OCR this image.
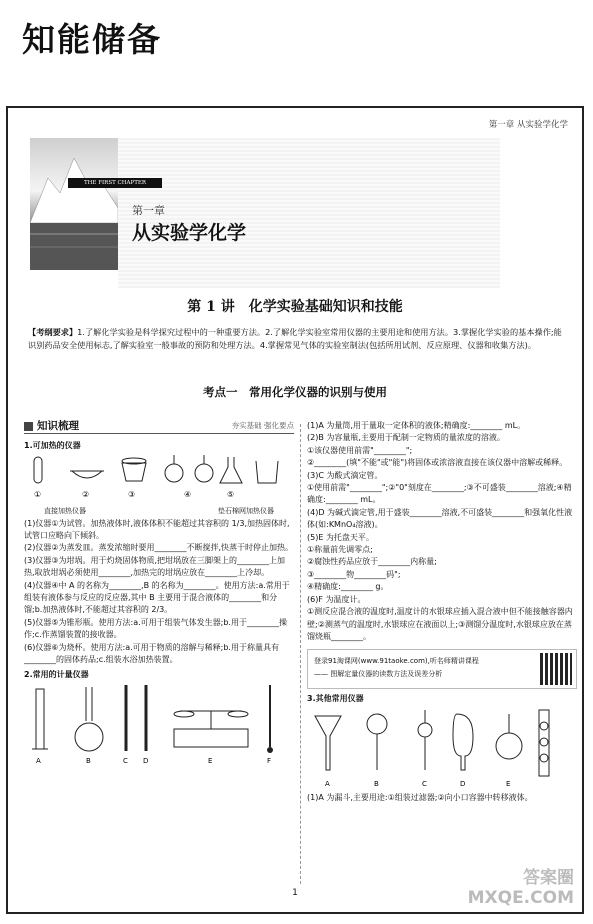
知能储备
第一章 从实验学化学
THE FIRST CHAPTER
第一章
从实验学化学
第 1 讲　化学实验基础知识和技能
【考纲要求】1.了解化学实验是科学探究过程中的一种重要方法。2.了解化学实验室常用仪器的主要用途和使用方法。3.掌握化学实验的基本操作;能识别药品安全使用标志,了解实验室一般事故的预防和处理方法。4.掌握常见气体的实验室制法(包括所用试剂、反应原理、仪器和收集方法)。
考点一　常用化学仪器的识别与使用
知识梳理	夯实基础 强化要点
1.可加热的仪器
①	②	③	④	⑤
直接加热仪器	垫石棉网加热仪器

(1)仪器①为试管。加热液体时,液体体积不能超过其容积的 1/3,加热固体时,试管口应略向下倾斜。

(2)仪器②为蒸发皿。蒸发浓缩时要用________不断搅拌,快蒸干时停止加热。

(3)仪器③为坩埚。用于灼烧固体物质,把坩埚放在三脚架上的________上加热,取放坩埚必须使用________,加热完的坩埚应放在________上冷却。

(4)仪器④中 A 的名称为________,B 的名称为________。使用方法:a.常用于组装有液体参与反应的反应器,其中 B 主要用于混合液体的________和分馏;b.加热液体时,不能超过其容积的 2/3。

(5)仪器⑤为锥形瓶。使用方法:a.可用于组装气体发生器;b.用于________操作;c.作蒸馏装置的接收器。

(6)仪器⑥为烧杯。使用方法:a.可用于物质的溶解与稀释;b.用于称量具有________的固体药品;c.组装水浴加热装置。

2.常用的计量仪器
A	B	C D	E	F

(1)A 为量筒,用于量取一定体积的液体;精确度:________ mL。

(2)B 为容量瓶,主要用于配制一定物质的量浓度的溶液。

①该仪器使用前需"________";

②________(填"不能"或"能")将固体或浓溶液直接在该仪器中溶解或稀释。

(3)C 为酸式滴定管。

①使用前需"________";②"0"刻度在________;③不可盛装________溶液;④精确度:________ mL。

(4)D 为碱式滴定管,用于盛装________溶液,不可盛装________和强氧化性液体(如:KMnO₄溶液)。

(5)E 为托盘天平。

①称量前先调零点;

②腐蚀性药品应放于________内称量;

③________物________码";

④精确度:________ g。

(6)F 为温度计。

①测反应混合液的温度时,温度计的水银球应插入混合液中但不能接触容器内壁;②测蒸气的温度时,水银球应在液面以上;③测馏分温度时,水银球应放在蒸馏烧瓶________。

登录91淘课网(www.91taoke.com),听名师精讲课程
—— 图解定量仪器的读数方法及误差分析
3.其他常用仪器
A	B	C	D	E

(1)A 为漏斗,主要用途:①组装过滤器;②向小口容器中转移液体。

1
答案圈
MXQE.COM
